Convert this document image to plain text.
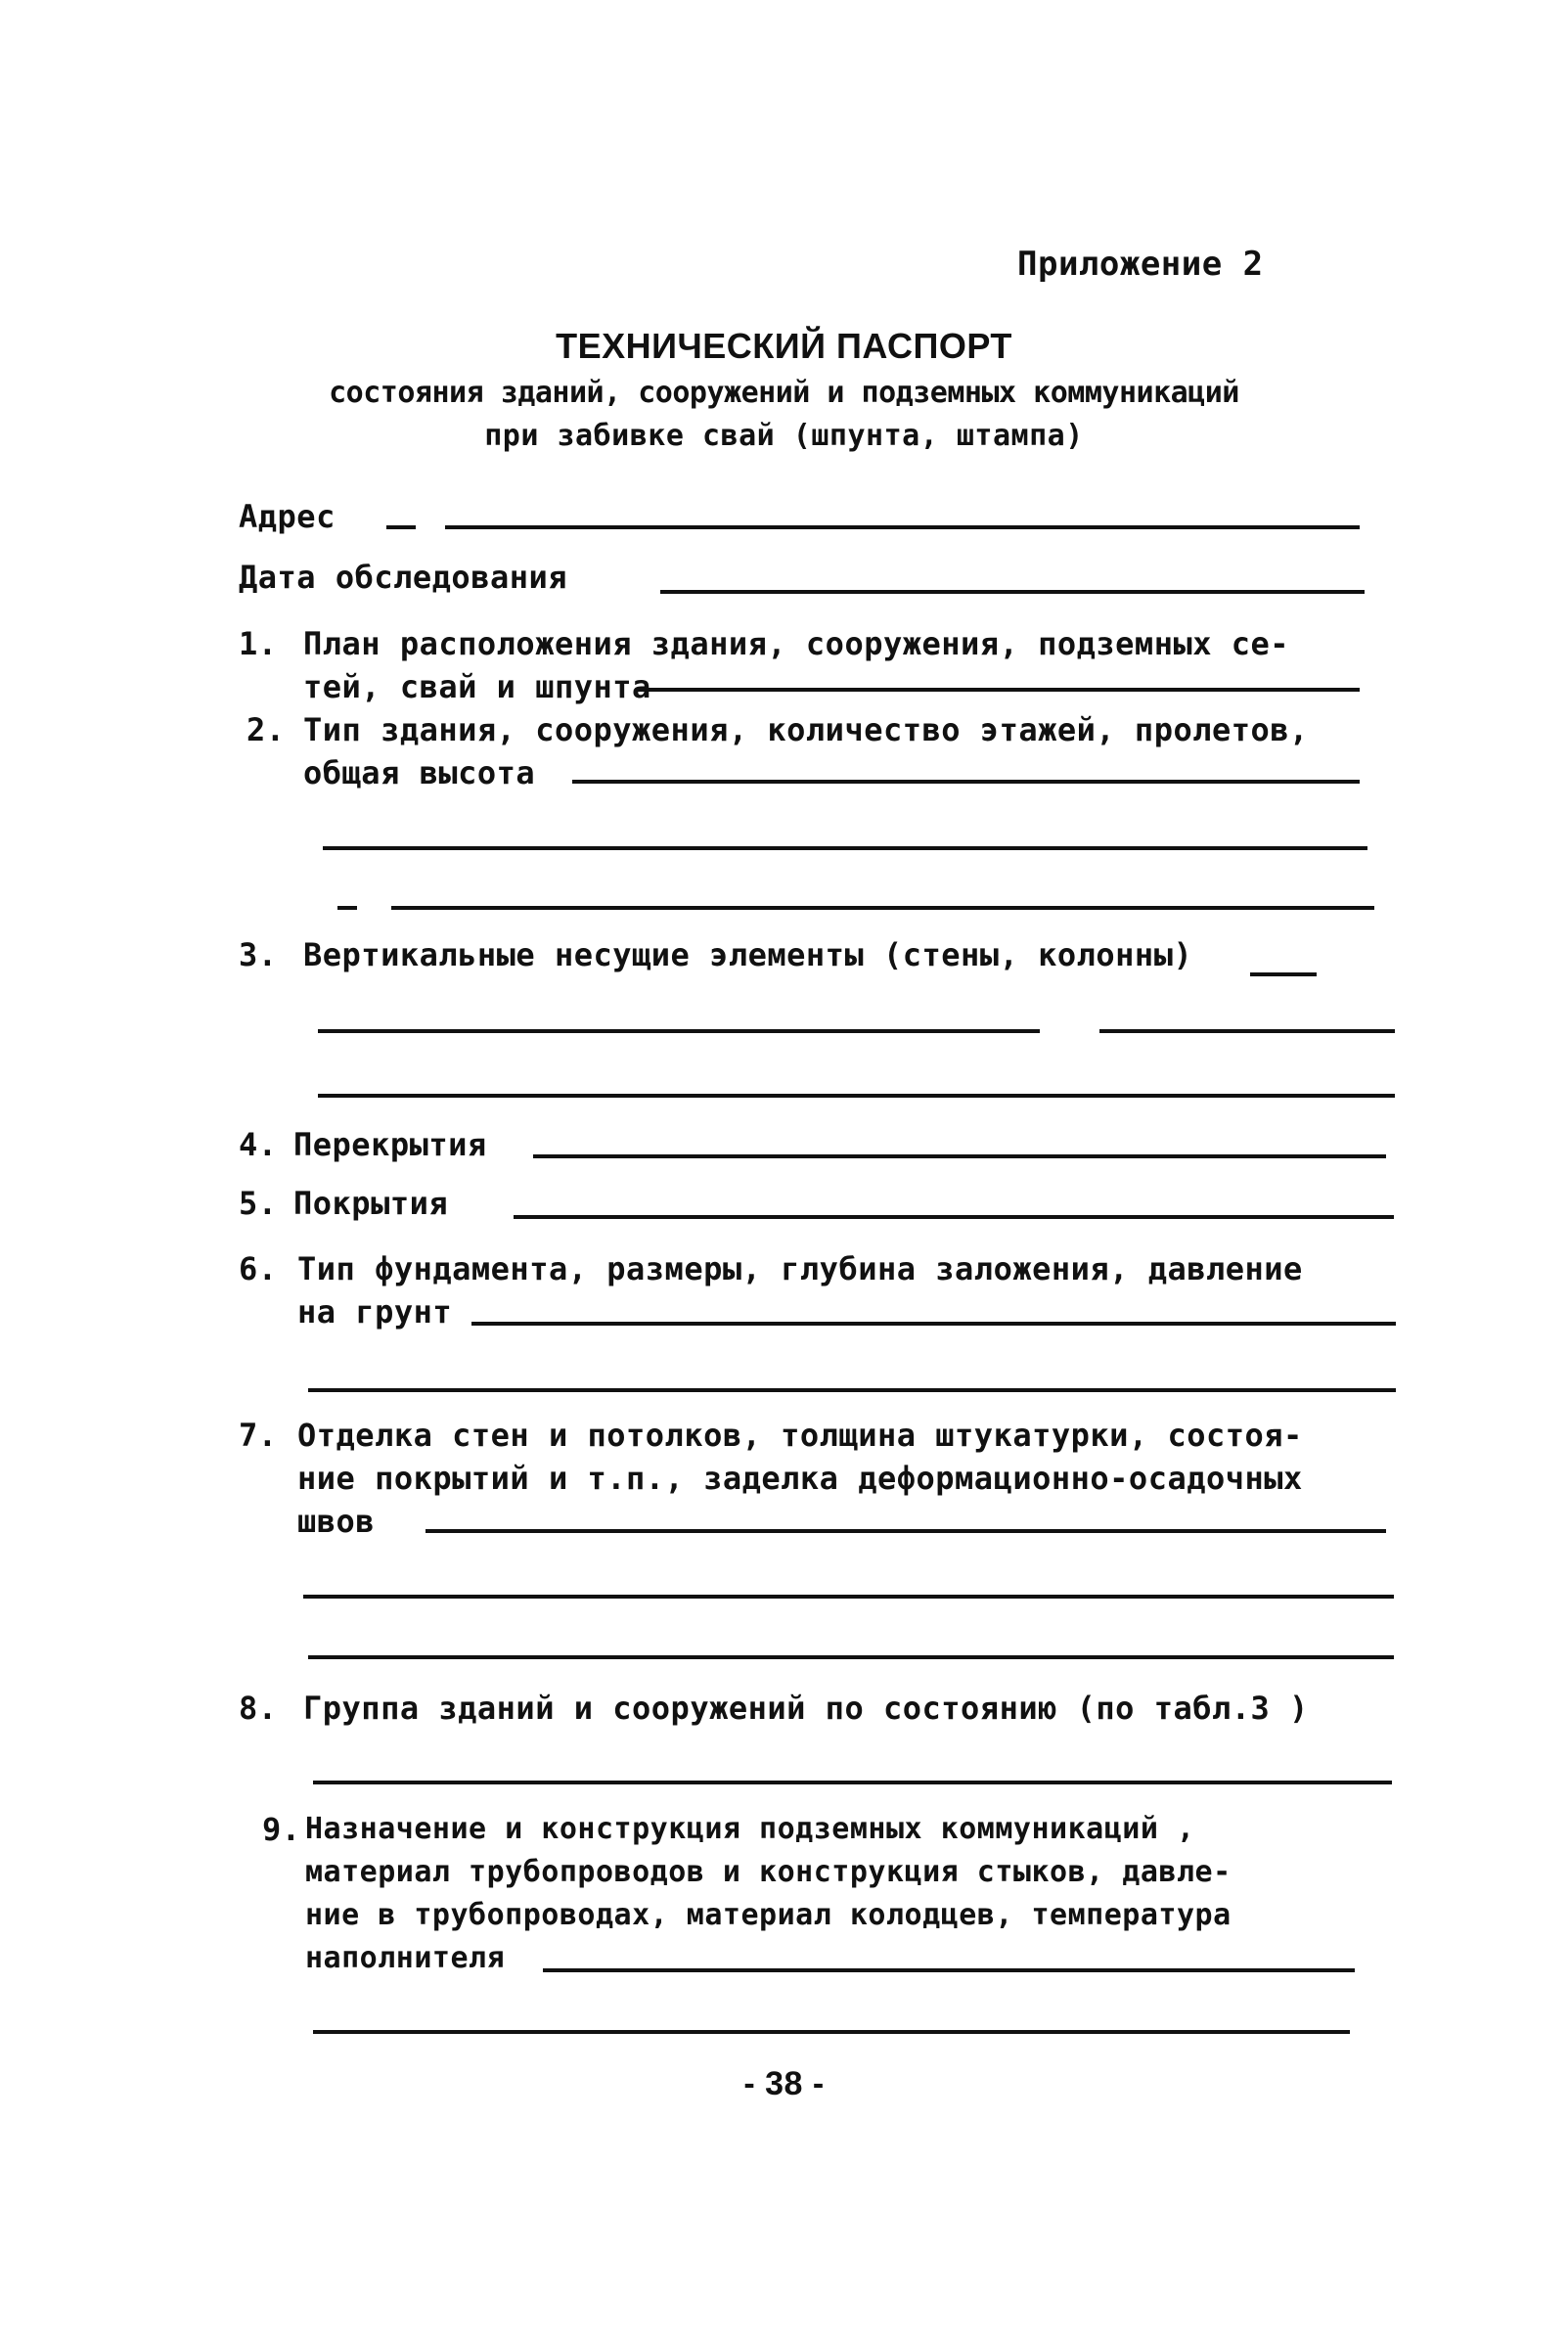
Приложение 2
ТЕХНИЧЕСКИЙ ПАСПОРТ
состояния зданий, сооружений и подземных коммуникаций
при забивке свай (шпунта, штампа)
Адрес
Дата обследования
1. План расположения здания, сооружения, подземных се-
тей, свай и шпунта
2. Тип здания, сооружения, количество этажей, пролетов,
общая высота
3. Вертикальные несущие элементы (стены, колонны)
4. Перекрытия
5. Покрытия
6. Тип фундамента, размеры, глубина заложения, давление
на грунт
7. Отделка стен и потолков, толщина штукатурки, состоя-
ние покрытий и т.п., заделка деформационно-осадочных
швов
8. Группа зданий и сооружений по состоянию (по табл.3 )
9. Назначение и конструкция подземных коммуникаций ,
материал трубопроводов и конструкция стыков, давле-
ние в трубопроводах, материал колодцев, температура
наполнителя
- 38 -
